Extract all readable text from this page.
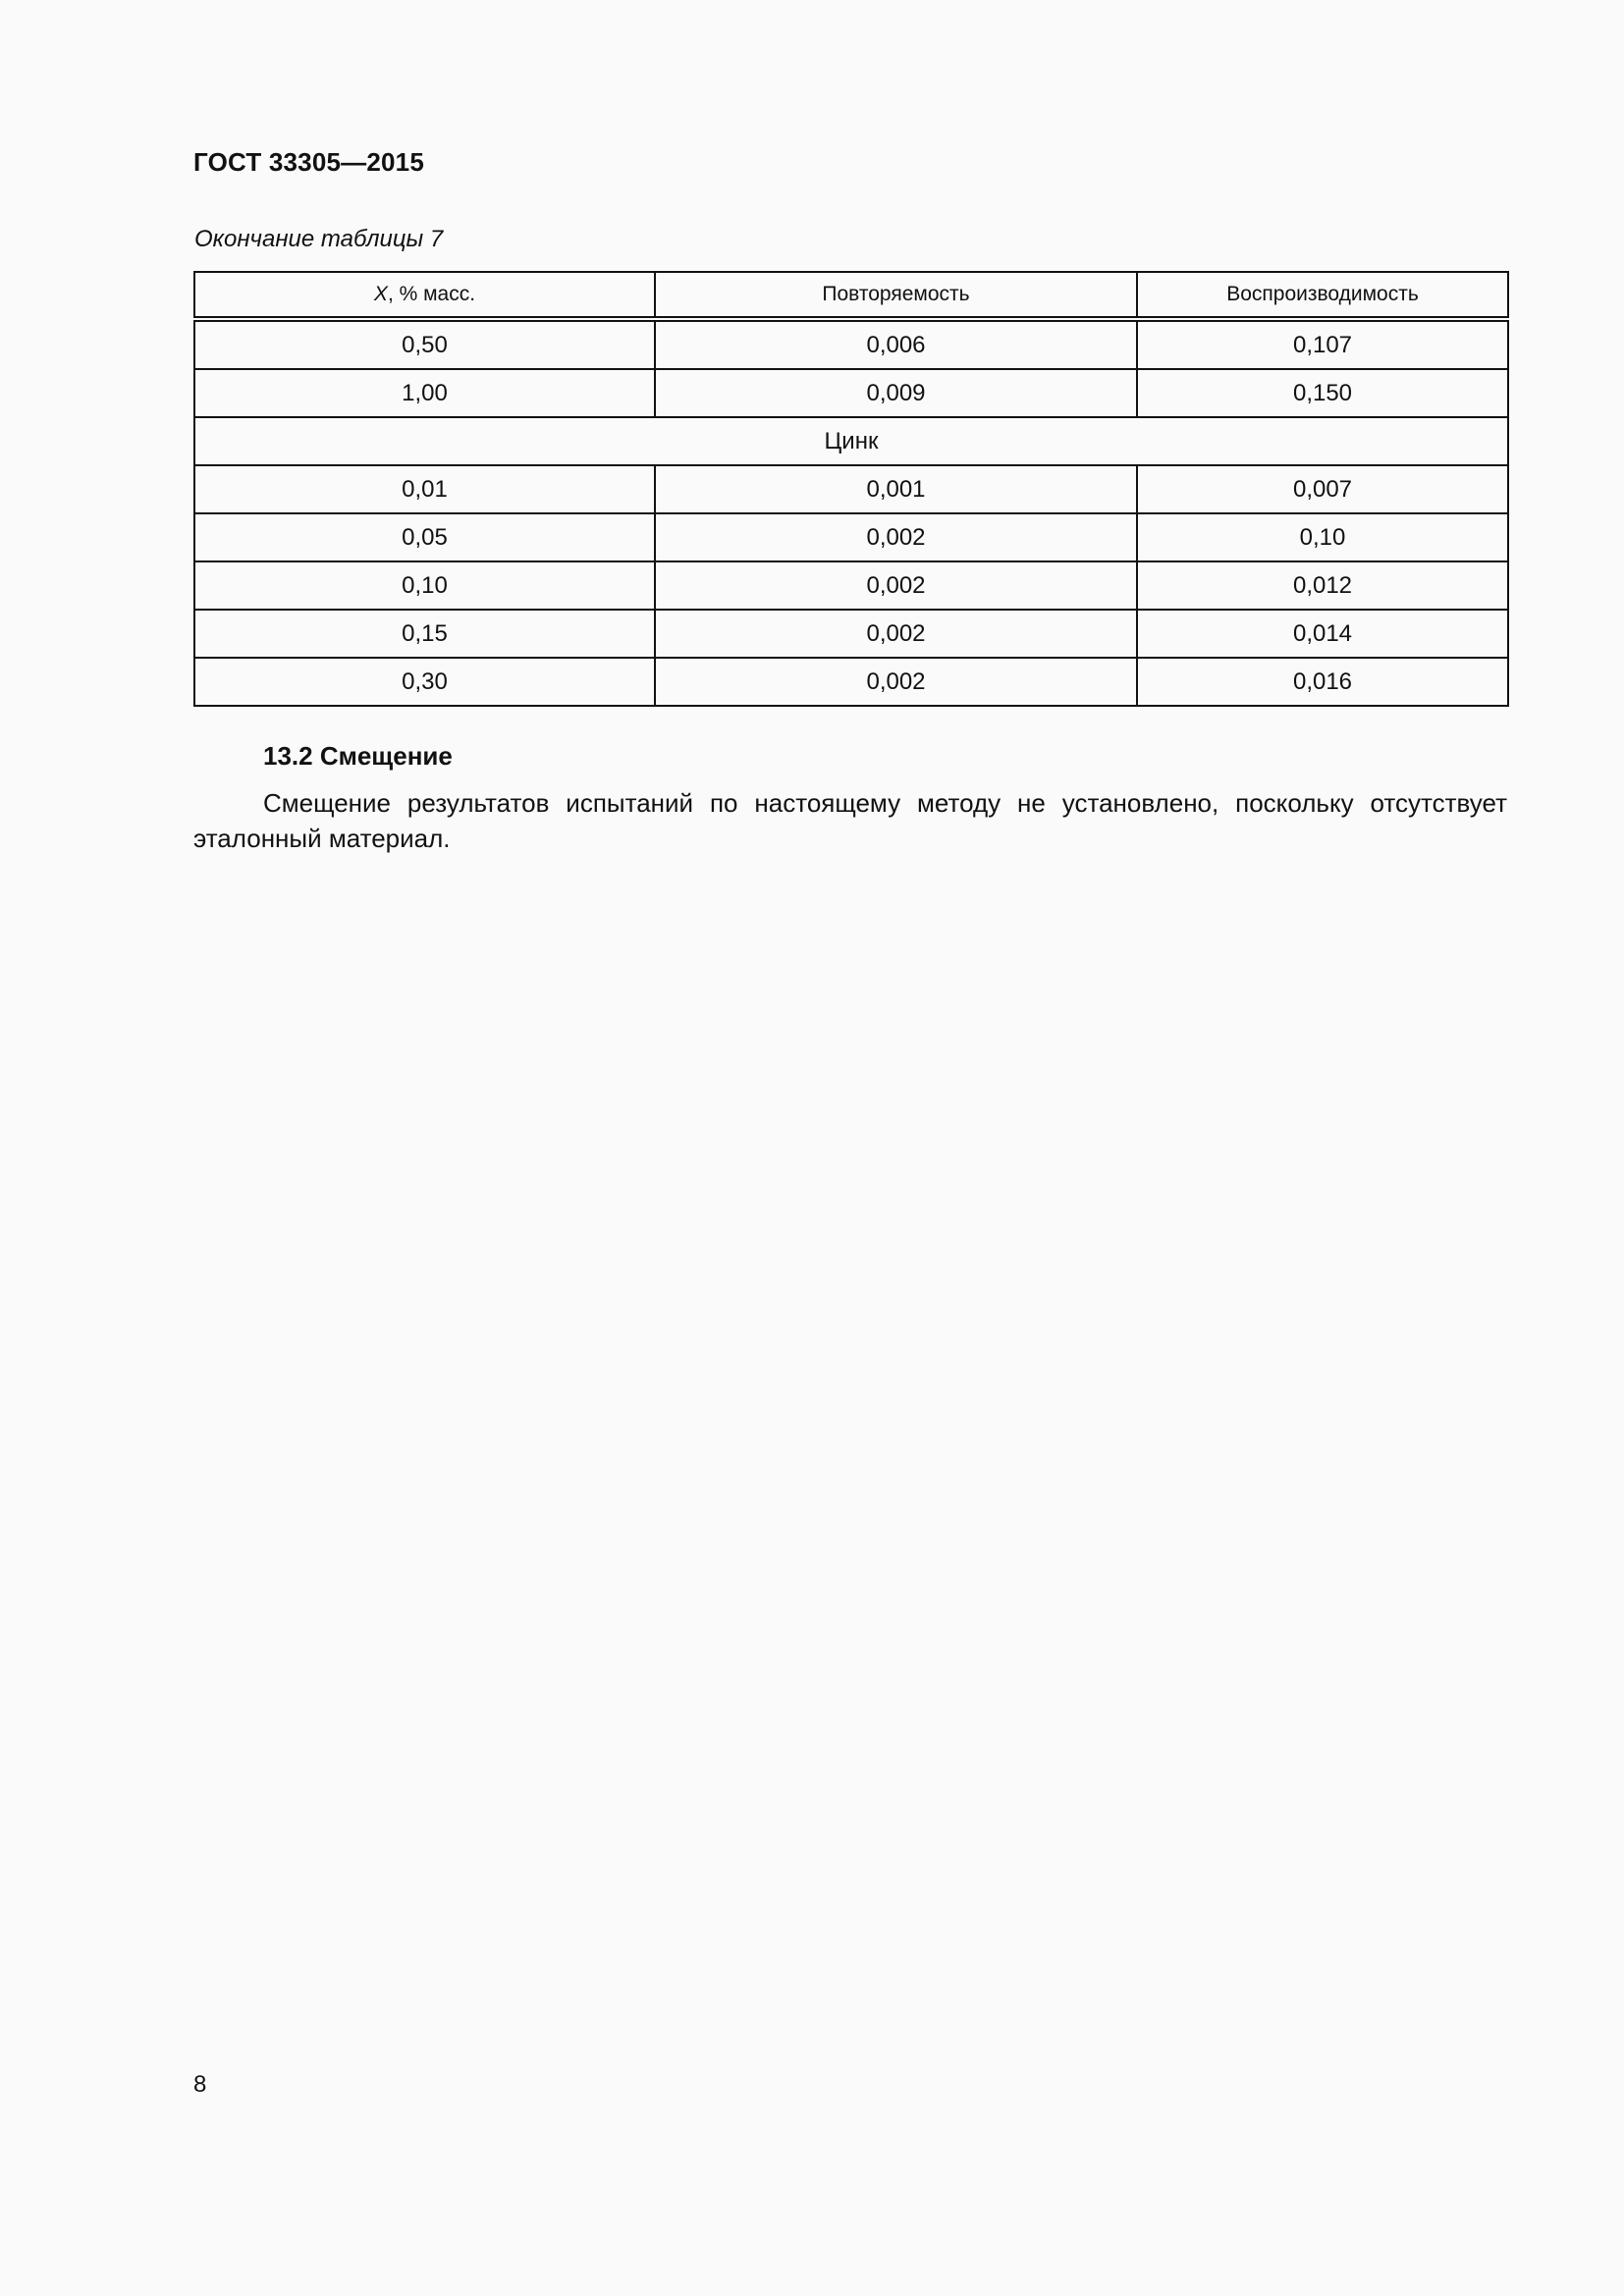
ГОСТ 33305—2015
Окончание таблицы 7
X, % масс.	Повторяемость	Воспроизводимость
0,50	0,006	0,107
1,00	0,009	0,150
Цинк		
0,01	0,001	0,007
0,05	0,002	0,10
0,10	0,002	0,012
0,15	0,002	0,014
0,30	0,002	0,016
13.2 Смещение
Смещение результатов испытаний по настоящему методу не установлено, поскольку отсутствует эталонный материал.
8
